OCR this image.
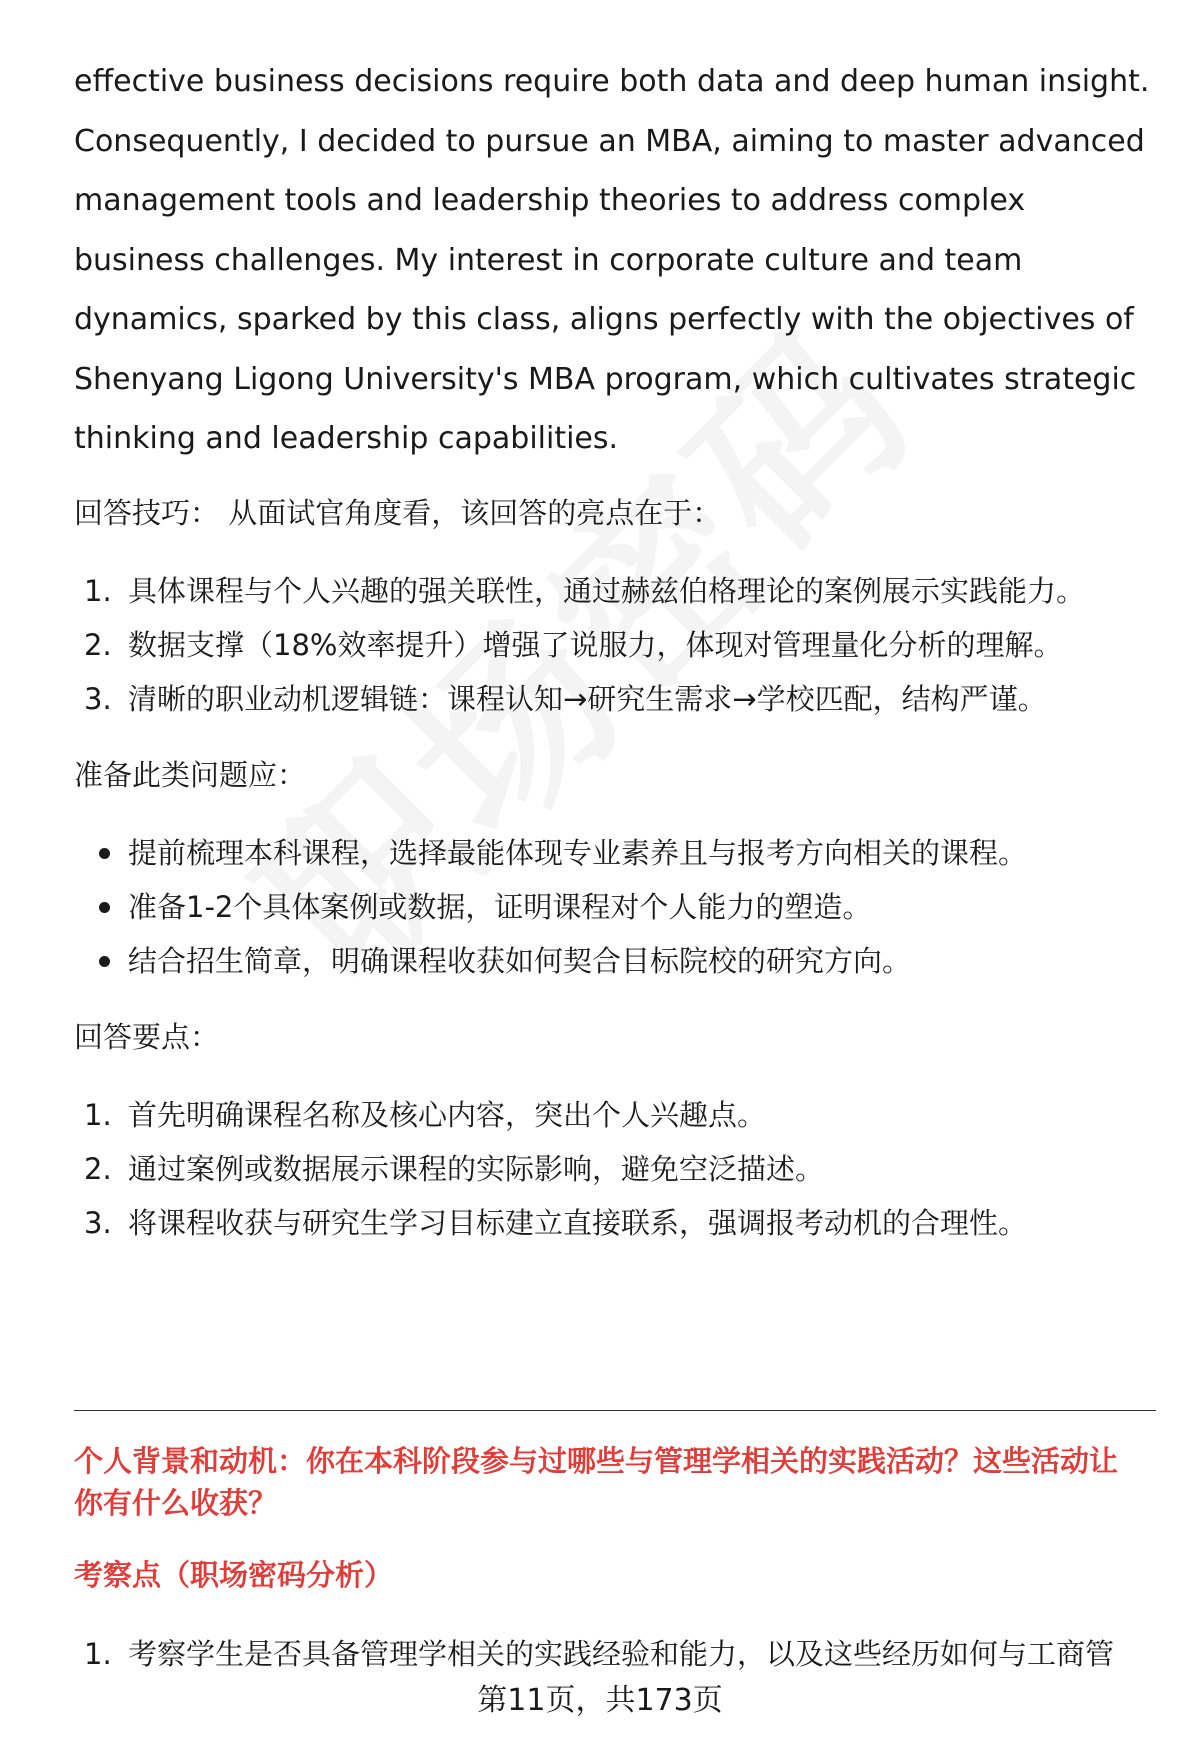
effective business decisions require both data and deep human insight. Consequently, I decided to pursue an MBA, aiming to master advanced management tools and leadership theories to address complex business challenges. My interest in corporate culture and team dynamics, sparked by this class, aligns perfectly with the objectives of Shenyang Ligong University's MBA program, which cultivates strategic thinking and leadership capabilities.

回答技巧： 从面试官角度看，该回答的亮点在于：

1. 具体课程与个人兴趣的强关联性，通过赫兹伯格理论的案例展示实践能力。
2. 数据支撑（18%效率提升）增强了说服力，体现对管理量化分析的理解。
3. 清晰的职业动机逻辑链：课程认知→研究生需求→学校匹配，结构严谨。

准备此类问题应：

提前梳理本科课程，选择最能体现专业素养且与报考方向相关的课程。
准备1-2个具体案例或数据，证明课程对个人能力的塑造。
结合招生简章，明确课程收获如何契合目标院校的研究方向。

回答要点：

1. 首先明确课程名称及核心内容，突出个人兴趣点。
2. 通过案例或数据展示课程的实际影响，避免空泛描述。
3. 将课程收获与研究生学习目标建立直接联系，强调报考动机的合理性。

个人背景和动机：你在本科阶段参与过哪些与管理学相关的实践活动？这些活动让

你有什么收获？

考察点（职场密码分析）

1. 考察学生是否具备管理学相关的实践经验和能力，以及这些经历如何与工商管
第11页，共173页
